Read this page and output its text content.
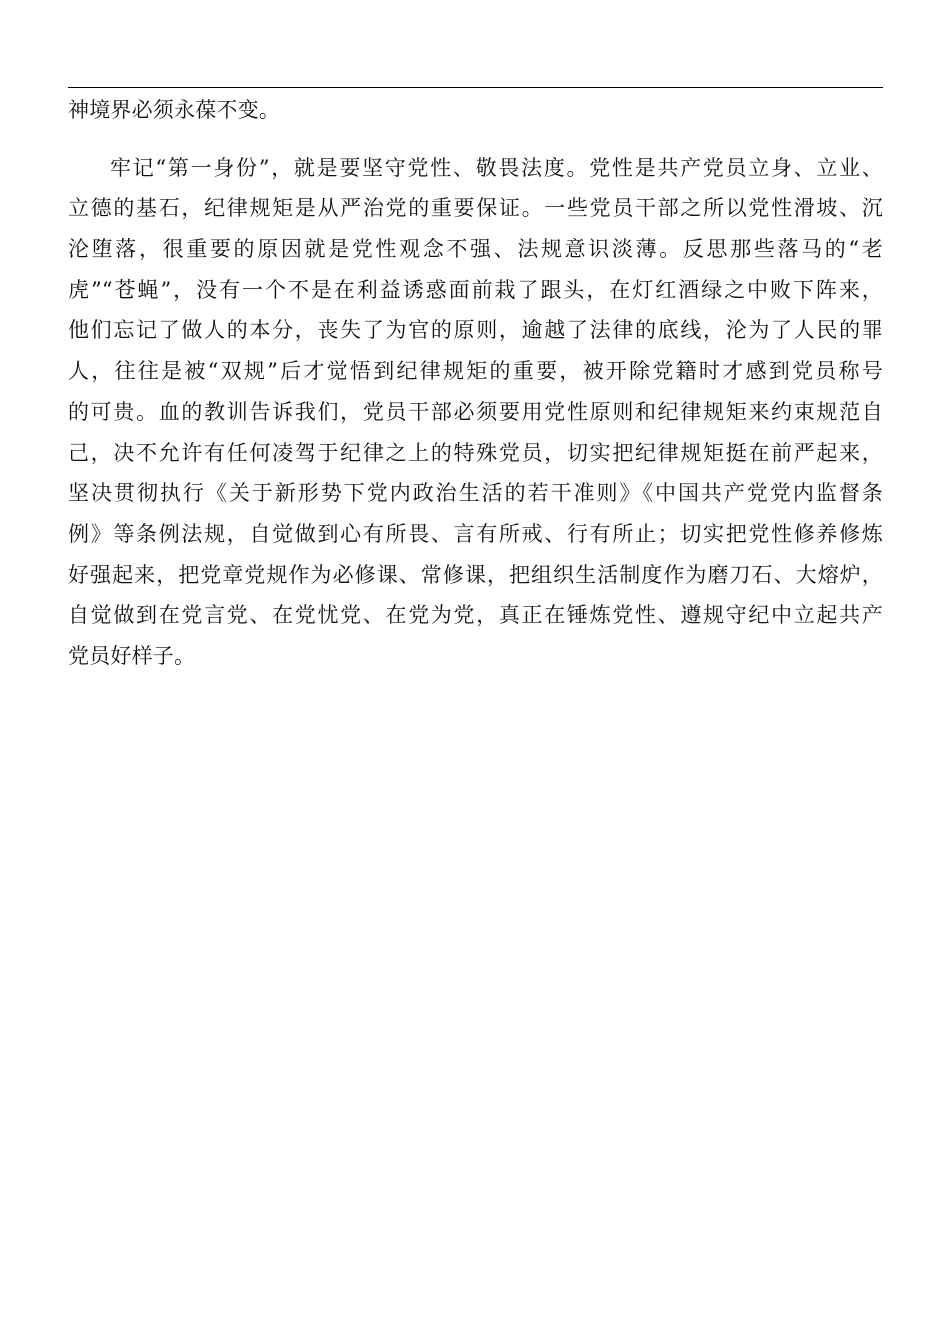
神境界必须永葆不变。
牢记“第一身份”，就是要坚守党性、敬畏法度。党性是共产党员立身、立业、
立德的基石，纪律规矩是从严治党的重要保证。一些党员干部之所以党性滑坡、沉
沦堕落，很重要的原因就是党性观念不强、法规意识淡薄。反思那些落马的“老
虎”“苍蝇”，没有一个不是在利益诱惑面前栽了跟头，在灯红酒绿之中败下阵来，
他们忘记了做人的本分，丧失了为官的原则，逾越了法律的底线，沦为了人民的罪
人，往往是被“双规”后才觉悟到纪律规矩的重要，被开除党籍时才感到党员称号
的可贵。血的教训告诉我们，党员干部必须要用党性原则和纪律规矩来约束规范自
己，决不允许有任何凌驾于纪律之上的特殊党员，切实把纪律规矩挺在前严起来，
坚决贯彻执行《关于新形势下党内政治生活的若干准则》《中国共产党党内监督条
例》等条例法规，自觉做到心有所畏、言有所戒、行有所止；切实把党性修养修炼
好强起来，把党章党规作为必修课、常修课，把组织生活制度作为磨刀石、大熔炉，
自觉做到在党言党、在党忧党、在党为党，真正在锤炼党性、遵规守纪中立起共产
党员好样子。
